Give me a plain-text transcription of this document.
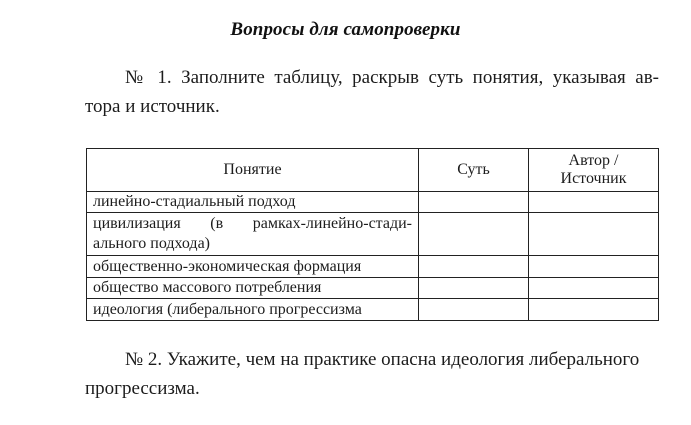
Вопросы для самопроверки
№ 1. Заполните таблицу, раскрыв суть понятия, указывая ав-
тора и источник.
Понятие	Суть	Автор /
Источник

линейно-стадиальный подход		

цивилизация (в рамках-линейно-стади-
ального подхода)		

общественно-экономическая формация		
общество массового потребления		
идеология (либерального прогрессизма		
№ 2. Укажите, чем на практике опасна идеология либерального
прогрессизма.
